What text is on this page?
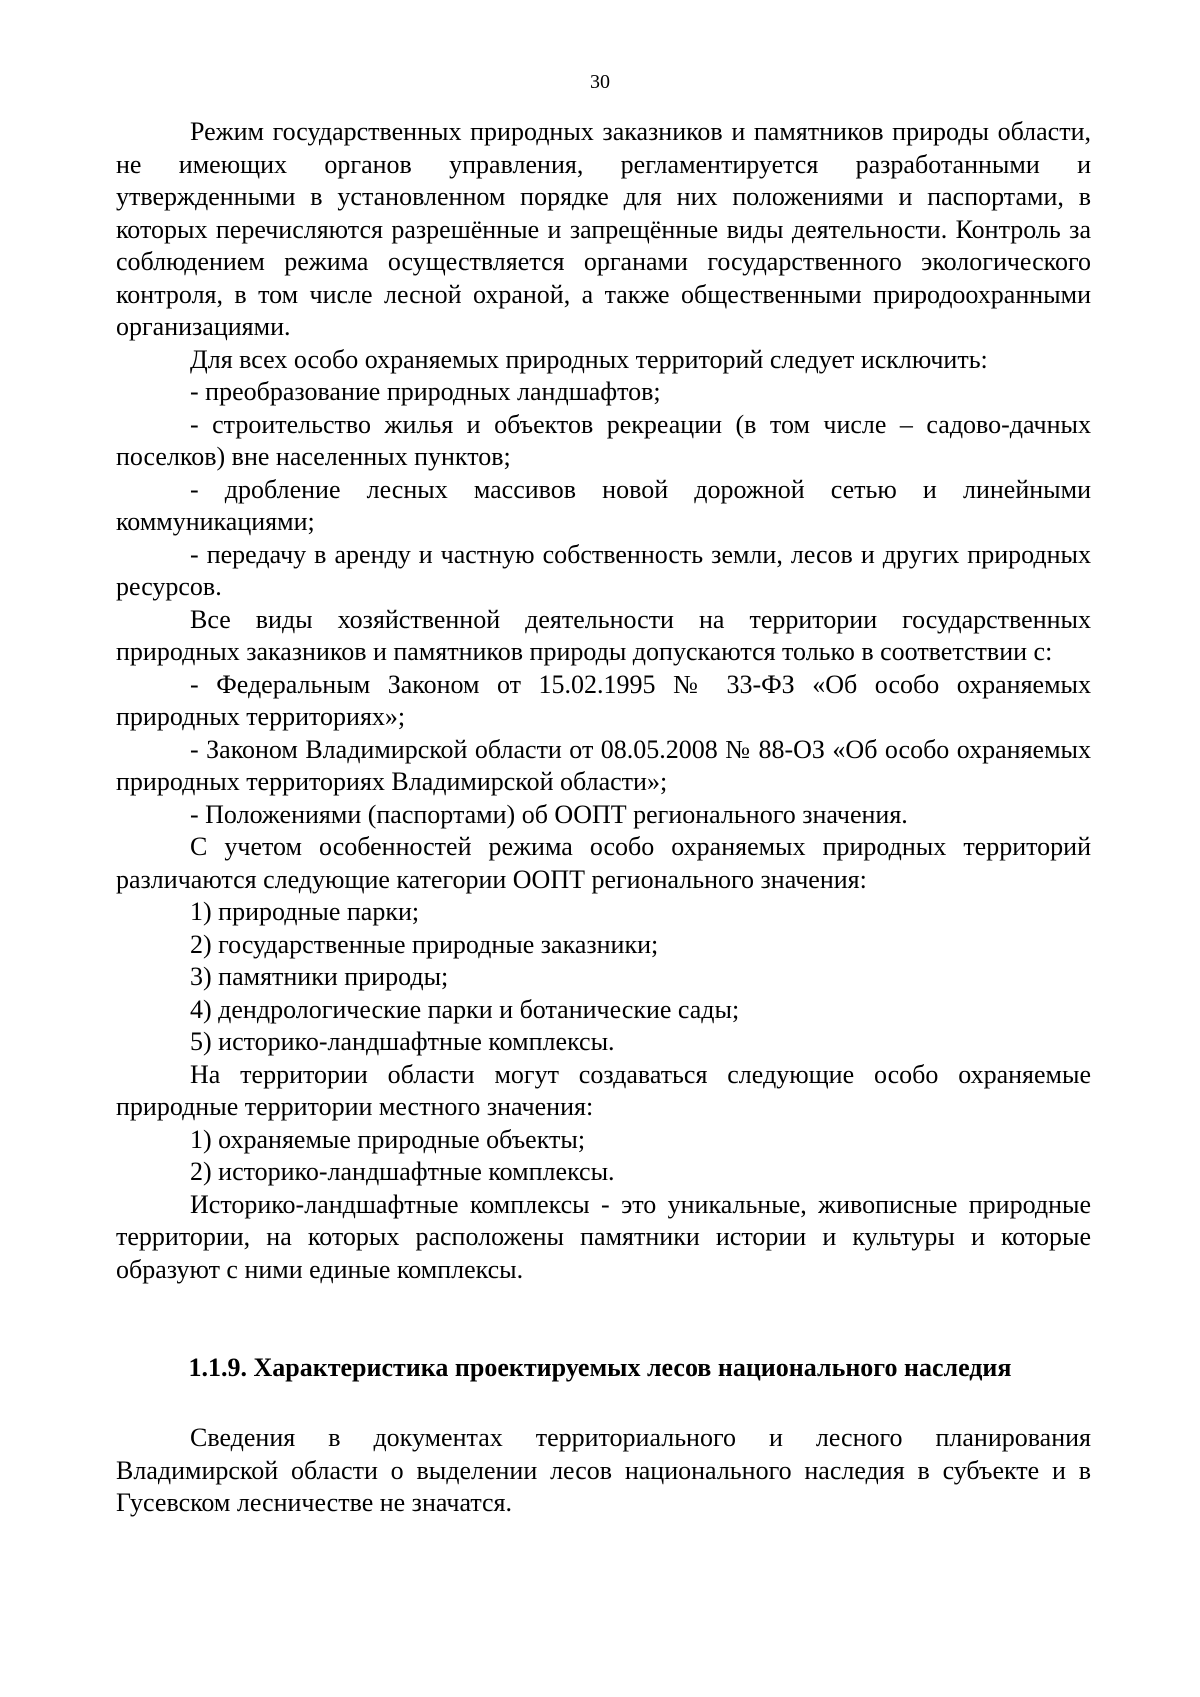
30

Режим государственных природных заказников и памятников природы области, не имеющих органов управления, регламентируется разработанными и утвержденными в установленном порядке для них положениями и паспортами, в которых перечисляются разрешённые и запрещённые виды деятельности. Контроль за соблюдением режима осуществляется органами государственного экологического контроля, в том числе лесной охраной, а также общественными природоохранными организациями.

Для всех особо охраняемых природных территорий следует исключить:

- преобразование природных ландшафтов;

- строительство жилья и объектов рекреации (в том числе – садово-дачных поселков) вне населенных пунктов;

- дробление лесных массивов новой дорожной сетью и линейными коммуникациями;

- передачу в аренду и частную собственность земли, лесов и других природных ресурсов.

Все виды хозяйственной деятельности на территории государственных природных заказников и памятников природы допускаются только в соответствии с:

- Федеральным Законом от 15.02.1995 № 33-ФЗ «Об особо охраняемых природных территориях»;

- Законом Владимирской области от 08.05.2008 № 88-ОЗ «Об особо охраняемых природных территориях Владимирской области»;

- Положениями (паспортами) об ООПТ регионального значения.

С учетом особенностей режима особо охраняемых природных территорий различаются следующие категории ООПТ регионального значения:

1) природные парки;

2) государственные природные заказники;

3) памятники природы;

4) дендрологические парки и ботанические сады;

5) историко-ландшафтные комплексы.

На территории области могут создаваться следующие особо охраняемые природные территории местного значения:

1) охраняемые природные объекты;

2) историко-ландшафтные комплексы.

Историко-ландшафтные комплексы - это уникальные, живописные природные территории, на которых расположены памятники истории и культуры и которые образуют с ними единые комплексы.

1.1.9. Характеристика проектируемых лесов национального наследия

Сведения в документах территориального и лесного планирования Владимирской области о выделении лесов национального наследия в субъекте и в Гусевском лесничестве не значатся.
